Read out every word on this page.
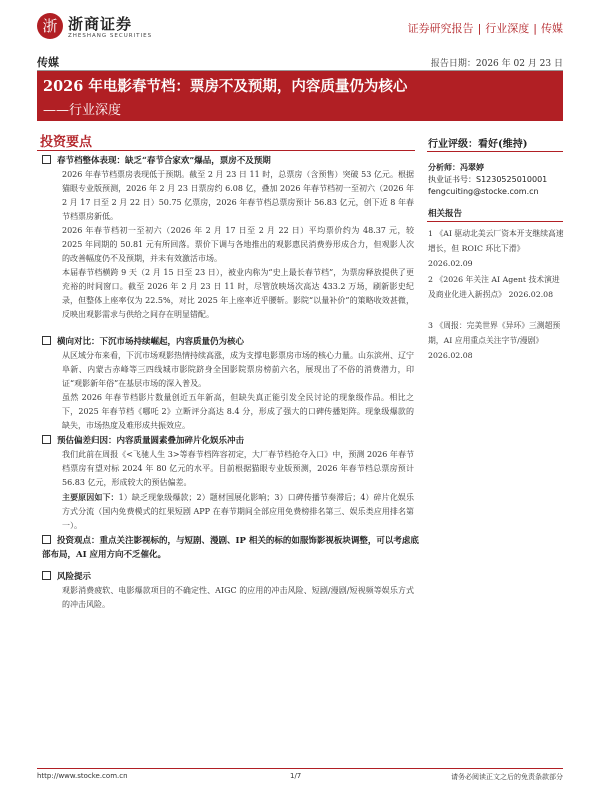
浙 浙商证券
ZHESHANG SECURITIES
证券研究报告 | 行业深度 | 传媒
传媒	报告日期：2026 年 02 月 23 日
2026 年电影春节档：票房不及预期，内容质量仍为核心
——行业深度
投资要点
春节档整体表现：缺乏“春节合家欢”爆品，票房不及预期
2026 年春节档票房表现低于预期。截至 2 月 23 日 11 时，总票房（含预售）突破 53 亿元。根据猫眼专业版预测，2026 年 2 月 23 日票房约 6.08 亿，叠加 2026 年春节档初一至初六（2026 年 2 月 17 日至 2 月 22 日）50.75 亿票房，2026 年春节档总票房预计 56.83 亿元，创下近 8 年春节档票房新低。
2026 年春节档初一至初六（2026 年 2 月 17 日至 2 月 22 日）平均票价约为 48.37 元，较 2025 年同期的 50.81 元有所回落。票价下调与各地推出的观影惠民消费券形成合力，但观影人次的改善幅度仍不及预期，并未有效激活市场。
本届春节档横跨 9 天（2 月 15 日至 23 日），被业内称为“史上最长春节档”，为票房释放提供了更充裕的时间窗口。截至 2026 年 2 月 23 日 11 时，尽管放映场次高达 433.2 万场，刷新影史纪录，但整体上座率仅为 22.5%，对比 2025 年上座率近乎腰斩。影院“以量补价”的策略收效甚微，反映出观影需求与供给之间存在明显错配。
横向对比：下沉市场持续崛起，内容质量仍为核心
从区域分布来看，下沉市场观影热情持续高涨，成为支撑电影票房市场的核心力量。山东滨州、辽宁阜新、内蒙古赤峰等三四线城市影院跻身全国影院票房榜前六名，展现出了不俗的消费潜力，印证“观影新年俗”在基层市场的深入普及。
虽然 2026 年春节档影片数量创近五年新高，但缺失真正能引发全民讨论的现象级作品。相比之下，2025 年春节档《哪吒 2》立断评分高达 8.4 分，形成了强大的口碑传播矩阵。现象级爆款的缺失，市场热度及难形成共振效应。
预估偏差归因：内容质量圆素叠加碎片化娱乐冲击
我们此前在周报《<飞驰人生 3>等春节档阵容初定，大厂春节档抢夺入口》中，预测 2026 年春节档票房有望对标 2024 年 80 亿元的水平。目前根据猫眼专业版预测，2026 年春节档总票房预计 56.83 亿元，形成较大的预估偏差。
主要原因如下：1）缺乏现象级爆款；2）题材国展化影响；3）口碑传播节奏滞后；4）碎片化娱乐方式分流（国内免费模式的红果短剧 APP 在春节期间全部应用免费榜排名第三、娱乐类应用排名第一）。
投资观点：重点关注影视标的，与短剧、漫剧、IP 相关的标的如服饰影视板块调整，可以考虑底部布局，AI 应用方向不乏催化。
风险提示
观影消费疲软、电影爆款项目的不确定性、AIGC 的应用的冲击风险、短剧/漫剧/短视频等娱乐方式的冲击风险。
行业评级：看好(维持)
分析师：冯翠婷
执业证书号：S1230525010001
fengcuiting@stocke.com.cn
相关报告
1 《AI 驱动北美云厂资本开支继续高速增长，但 ROIC 环比下滑》 2026.02.09
2 《2026 年关注 AI Agent 技术演进及商业化进入新拐点》 2026.02.08
3 《周报：完美世界《异环》三测超预期，AI 应用重点关注字节/漫剧》 2026.02.08
http://www.stocke.com.cn	1/7	请务必阅读正文之后的免责条款部分
